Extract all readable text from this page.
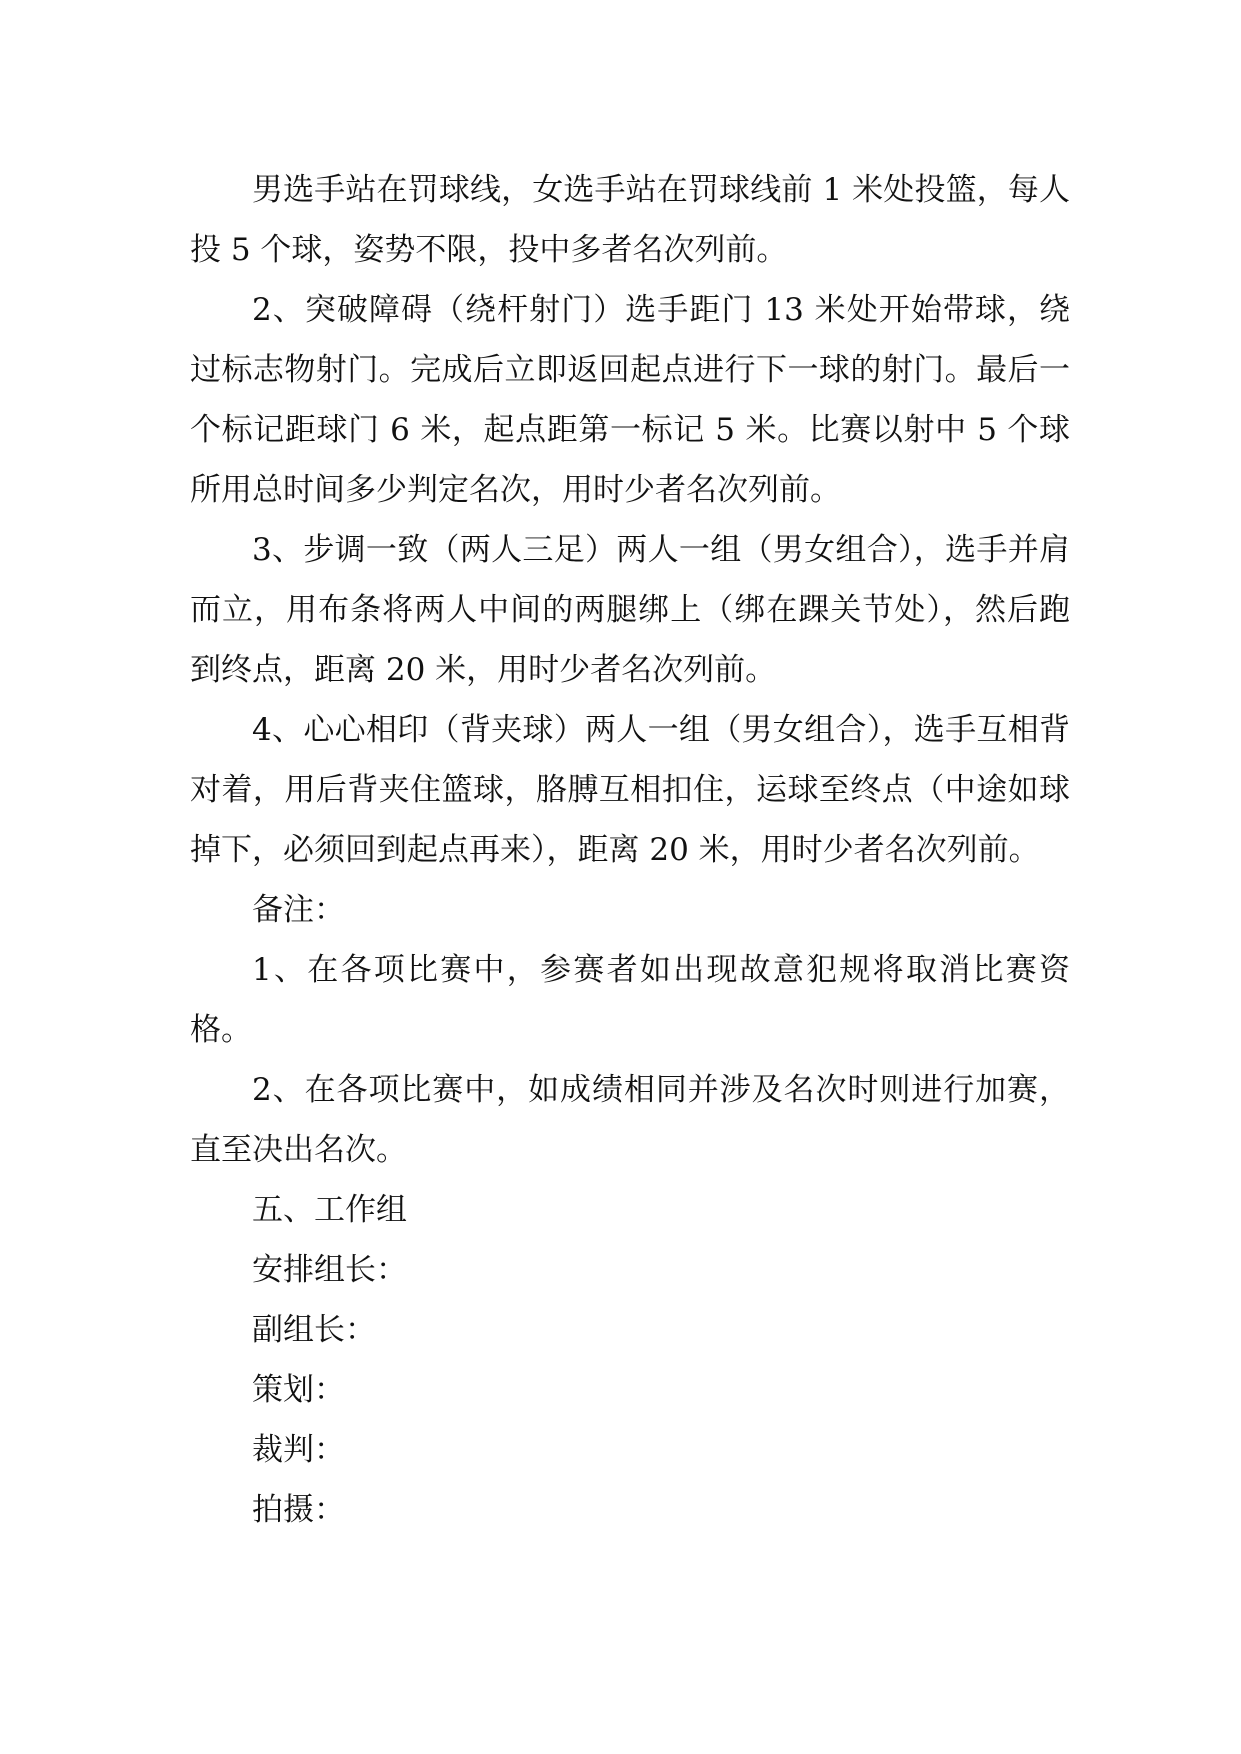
男选手站在罚球线，女选手站在罚球线前 1 米处投篮，每人投 5 个球，姿势不限，投中多者名次列前。

2、突破障碍（绕杆射门）选手距门 13 米处开始带球，绕过标志物射门。完成后立即返回起点进行下一球的射门。最后一个标记距球门 6 米，起点距第一标记 5 米。比赛以射中 5 个球所用总时间多少判定名次，用时少者名次列前。

3、步调一致（两人三足）两人一组（男女组合），选手并肩而立，用布条将两人中间的两腿绑上（绑在踝关节处），然后跑到终点，距离 20 米，用时少者名次列前。

4、心心相印（背夹球）两人一组（男女组合），选手互相背对着，用后背夹住篮球，胳膊互相扣住，运球至终点（中途如球掉下，必须回到起点再来），距离 20 米，用时少者名次列前。

备注：

1、在各项比赛中，参赛者如出现故意犯规将取消比赛资格。

2、在各项比赛中，如成绩相同并涉及名次时则进行加赛，直至决出名次。

五、工作组

安排组长：

副组长：

策划：

裁判：

拍摄：
